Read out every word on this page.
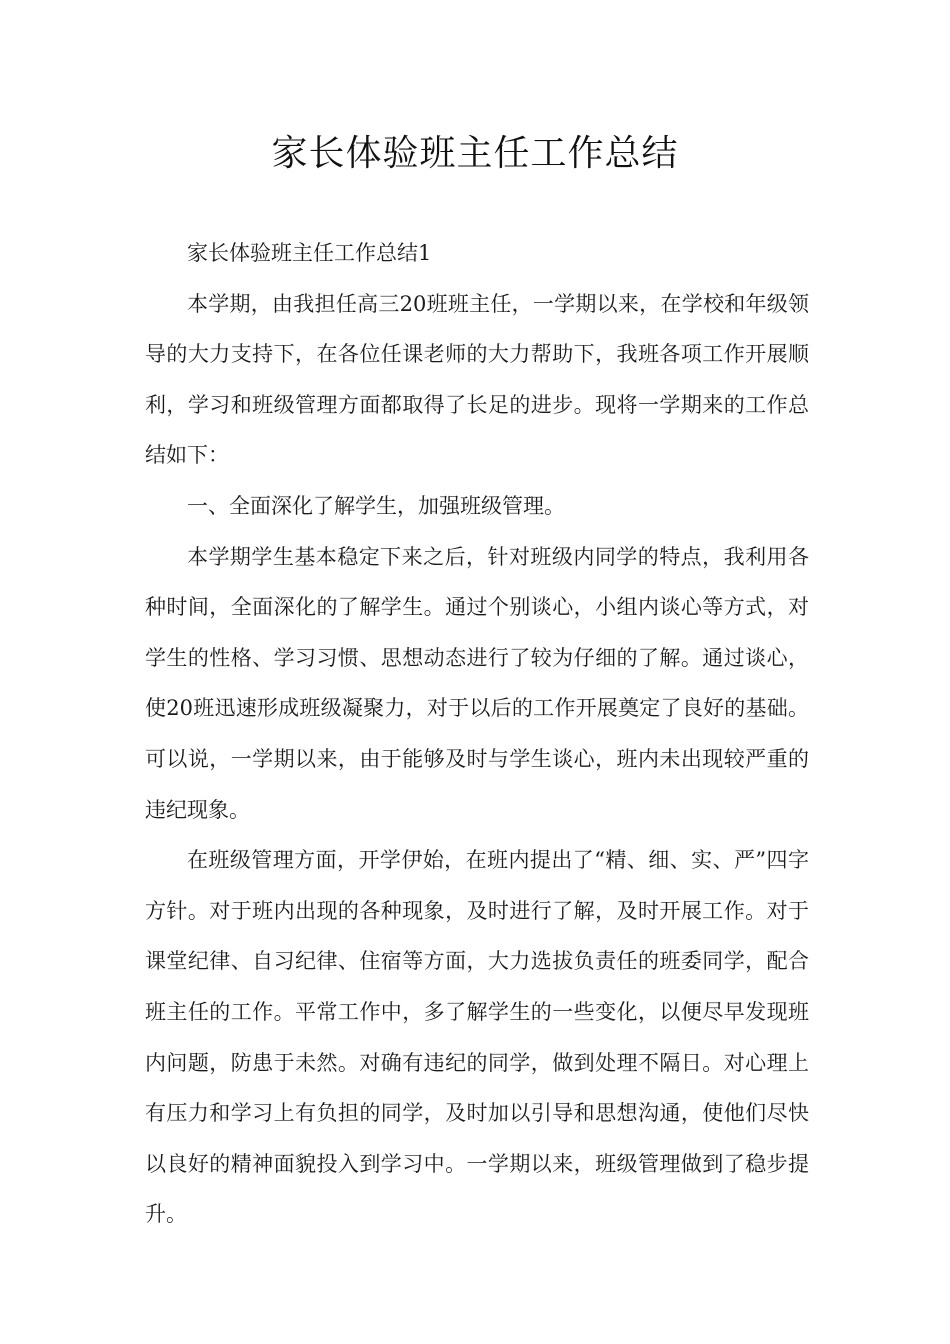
家长体验班主任工作总结

家长体验班主任工作总结1

本学期，由我担任高三20班班主任，一学期以来，在学校和年级领导的大力支持下，在各位任课老师的大力帮助下，我班各项工作开展顺利，学习和班级管理方面都取得了长足的进步。现将一学期来的工作总结如下：

一、全面深化了解学生，加强班级管理。

本学期学生基本稳定下来之后，针对班级内同学的特点，我利用各种时间，全面深化的了解学生。通过个别谈心，小组内谈心等方式，对学生的性格、学习习惯、思想动态进行了较为仔细的了解。通过谈心，使20班迅速形成班级凝聚力，对于以后的工作开展奠定了良好的基础。可以说，一学期以来，由于能够及时与学生谈心，班内未出现较严重的违纪现象。

在班级管理方面，开学伊始，在班内提出了“精、细、实、严”四字方针。对于班内出现的各种现象，及时进行了解，及时开展工作。对于课堂纪律、自习纪律、住宿等方面，大力选拔负责任的班委同学，配合班主任的工作。平常工作中，多了解学生的一些变化，以便尽早发现班内问题，防患于未然。对确有违纪的同学，做到处理不隔日。对心理上有压力和学习上有负担的同学，及时加以引导和思想沟通，使他们尽快以良好的精神面貌投入到学习中。一学期以来，班级管理做到了稳步提升。
